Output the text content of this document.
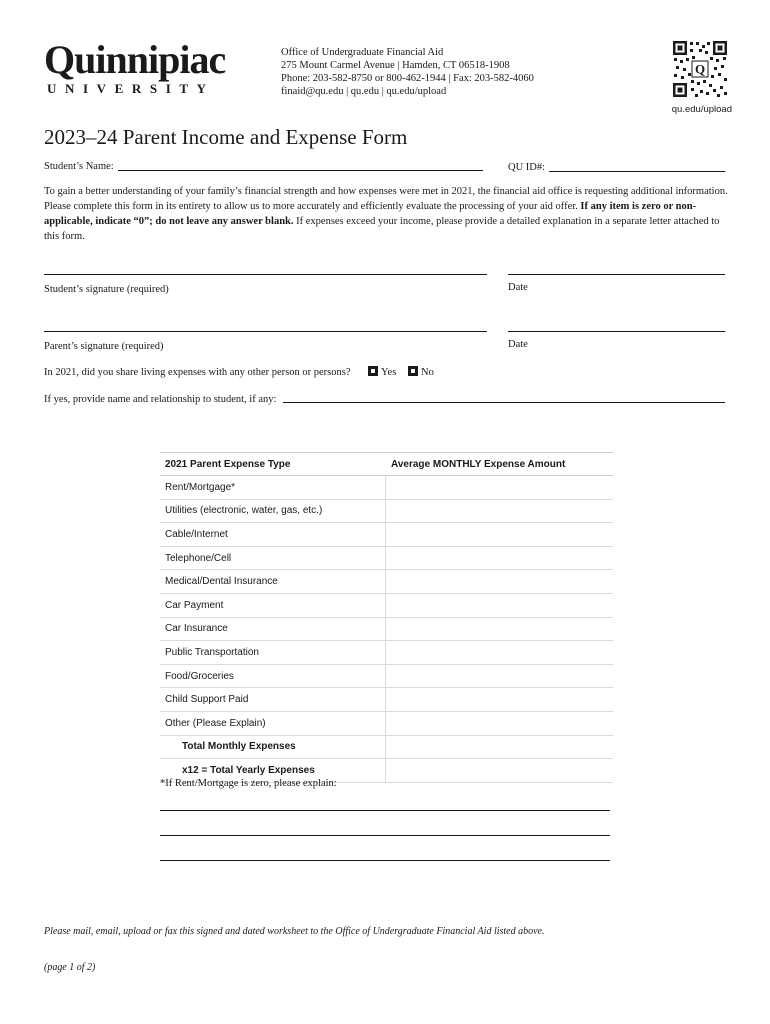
Quinnipiac
UNIVERSITY
Office of Undergraduate Financial Aid
275 Mount Carmel Avenue | Hamden, CT 06518-1908
Phone: 203-582-8750 or 800-462-1944 | Fax: 203-582-4060
finaid@qu.edu | qu.edu | qu.edu/upload
Q
qu.edu/upload
2023–24 Parent Income and Expense Form
Student’s Name:	QU ID#:
To gain a better understanding of your family’s financial strength and how expenses were met in 2021, the financial aid office is requesting additional information. Please complete this form in its entirety to allow us to more accurately and efficiently evaluate the processing of your aid offer. If any item is zero or non-applicable, indicate “0”; do not leave any answer blank. If expenses exceed your income, please provide a detailed explanation in a separate letter attached to this form.
Student’s signature (required)	Date
Parent’s signature (required)	Date
In 2021, did you share living expenses with any other person or persons?	Yes	No
If yes, provide name and relationship to student, if any:
2021 Parent Expense Type	Average MONTHLY Expense Amount
Rent/Mortgage*
Utilities (electronic, water, gas, etc.)
Cable/Internet
Telephone/Cell
Medical/Dental Insurance
Car Payment
Car Insurance
Public Transportation
Food/Groceries
Child Support Paid
Other (Please Explain)
Total Monthly Expenses
x12 = Total Yearly Expenses
*If Rent/Mortgage is zero, please explain:
Please mail, email, upload or fax this signed and dated worksheet to the Office of Undergraduate Financial Aid listed above.
(page 1 of 2)
